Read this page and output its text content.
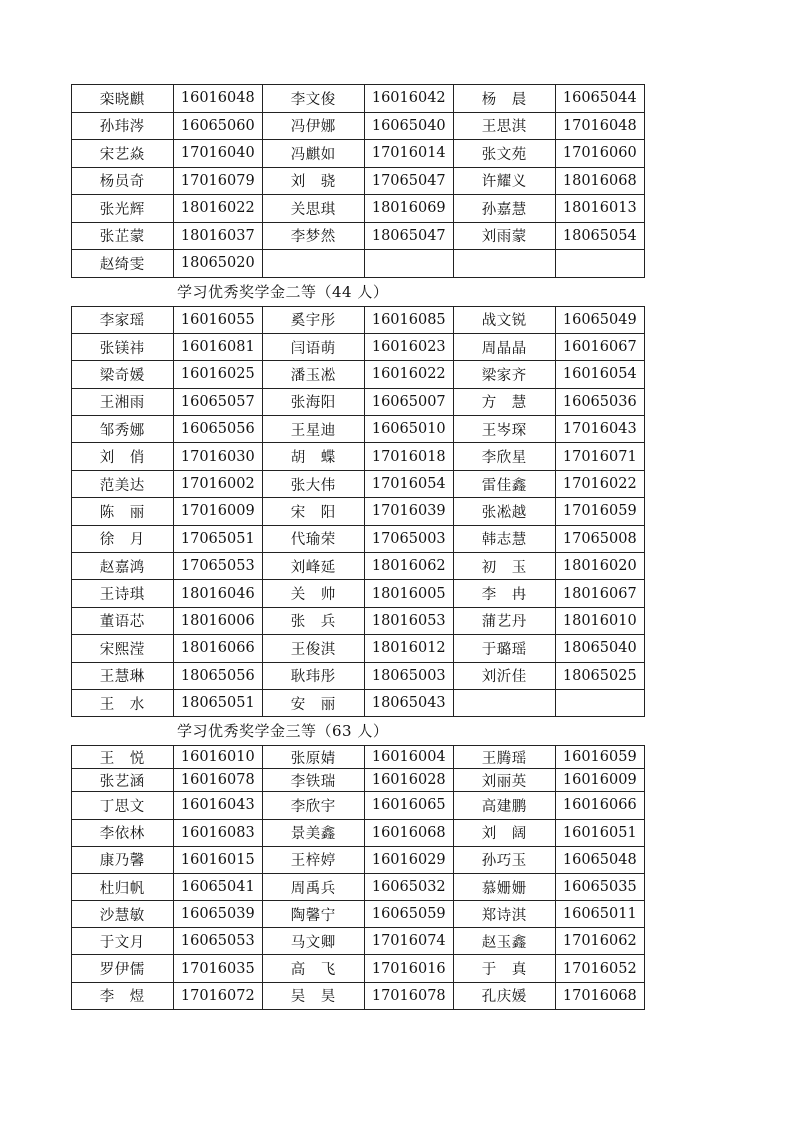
栾晓麒	16016048	李文俊	16016042	杨　晨	16065044
孙玮涔	16065060	冯伊娜	16065040	王思淇	17016048
宋艺焱	17016040	冯麒如	17016014	张文苑	17016060
杨员奇	17016079	刘　骁	17065047	许耀义	18016068
张光辉	18016022	关思琪	18016069	孙嘉慧	18016013
张芷蒙	18016037	李梦然	18065047	刘雨蒙	18065054
赵绮雯	18065020				
学习优秀奖学金二等（44 人）
李家瑶	16016055	奚宇彤	16016085	战文锐	16065049
张镁祎	16016081	闫语萌	16016023	周晶晶	16016067
梁奇媛	16016025	潘玉凇	16016022	梁家齐	16016054
王湘雨	16065057	张海阳	16065007	方　慧	16065036
邹秀娜	16065056	王星迪	16065010	王岑琛	17016043
刘　俏	17016030	胡　蝶	17016018	李欣星	17016071
范美达	17016002	张大伟	17016054	雷佳鑫	17016022
陈　丽	17016009	宋　阳	17016039	张凇越	17016059
徐　月	17065051	代瑜荣	17065003	韩志慧	17065008
赵嘉鸿	17065053	刘峰延	18016062	初　玉	18016020
王诗琪	18016046	关　帅	18016005	李　冉	18016067
董语芯	18016006	张　兵	18016053	蒲艺丹	18016010
宋熙滢	18016066	王俊淇	18016012	于璐瑶	18065040
王慧琳	18065056	耿玮彤	18065003	刘沂佳	18065025
王　水	18065051	安　丽	18065043		
学习优秀奖学金三等（63 人）
王　悦	16016010	张原婧	16016004	王腾瑶	16016059
张艺涵	16016078	李铁瑞	16016028	刘丽英	16016009
丁思文	16016043	李欣宇	16016065	高建鹏	16016066
李依林	16016083	景美鑫	16016068	刘　阔	16016051
康乃馨	16016015	王梓婷	16016029	孙巧玉	16065048
杜归帆	16065041	周禹兵	16065032	慕姗姗	16065035
沙慧敏	16065039	陶馨宁	16065059	郑诗淇	16065011
于文月	16065053	马文卿	17016074	赵玉鑫	17016062
罗伊儒	17016035	高　飞	17016016	于　真	17016052
李　煜	17016072	吴　昊	17016078	孔庆媛	17016068
